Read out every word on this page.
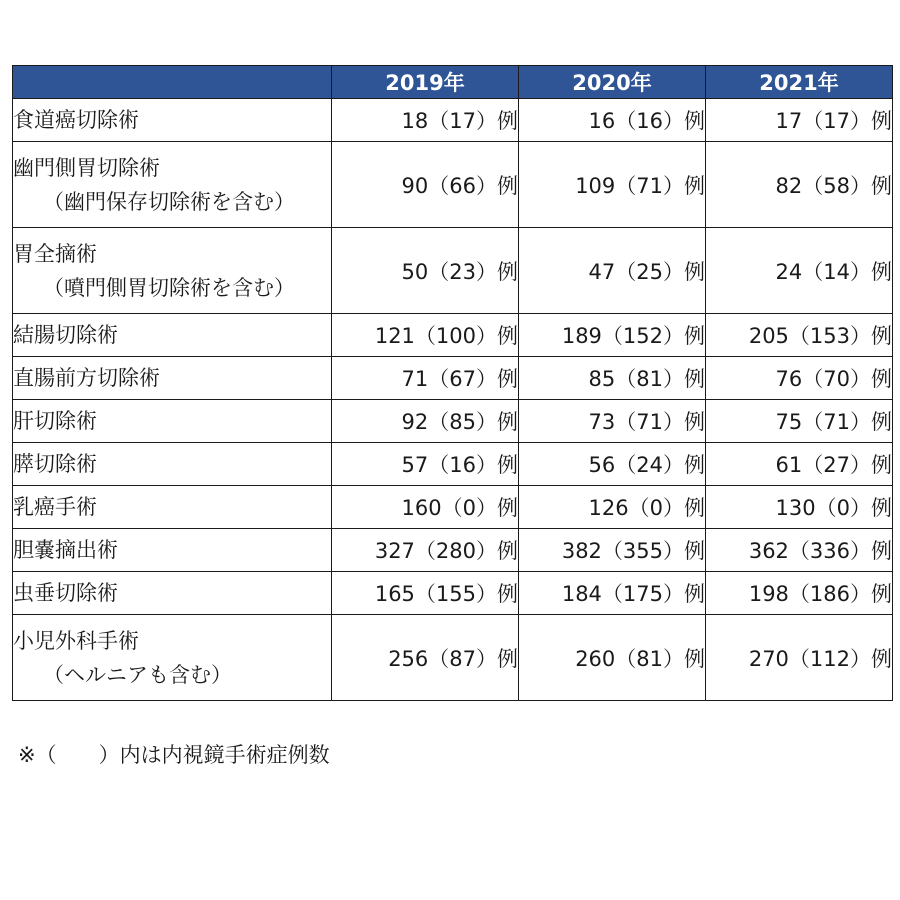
	2019年	2020年	2021年
食道癌切除術	18（17）例	16（16）例	17（17）例
幽門側胃切除術
（幽門保存切除術を含む）	90（66）例	109（71）例	82（58）例
胃全摘術
（噴門側胃切除術を含む）	50（23）例	47（25）例	24（14）例
結腸切除術	121（100）例	189（152）例	205（153）例
直腸前方切除術	71（67）例	85（81）例	76（70）例
肝切除術	92（85）例	73（71）例	75（71）例
膵切除術	57（16）例	56（24）例	61（27）例
乳癌手術	160（0）例	126（0）例	130（0）例
胆嚢摘出術	327（280）例	382（355）例	362（336）例
虫垂切除術	165（155）例	184（175）例	198（186）例
小児外科手術
（ヘルニアも含む）	256（87）例	260（81）例	270（112）例
※（　　）内は内視鏡手術症例数
